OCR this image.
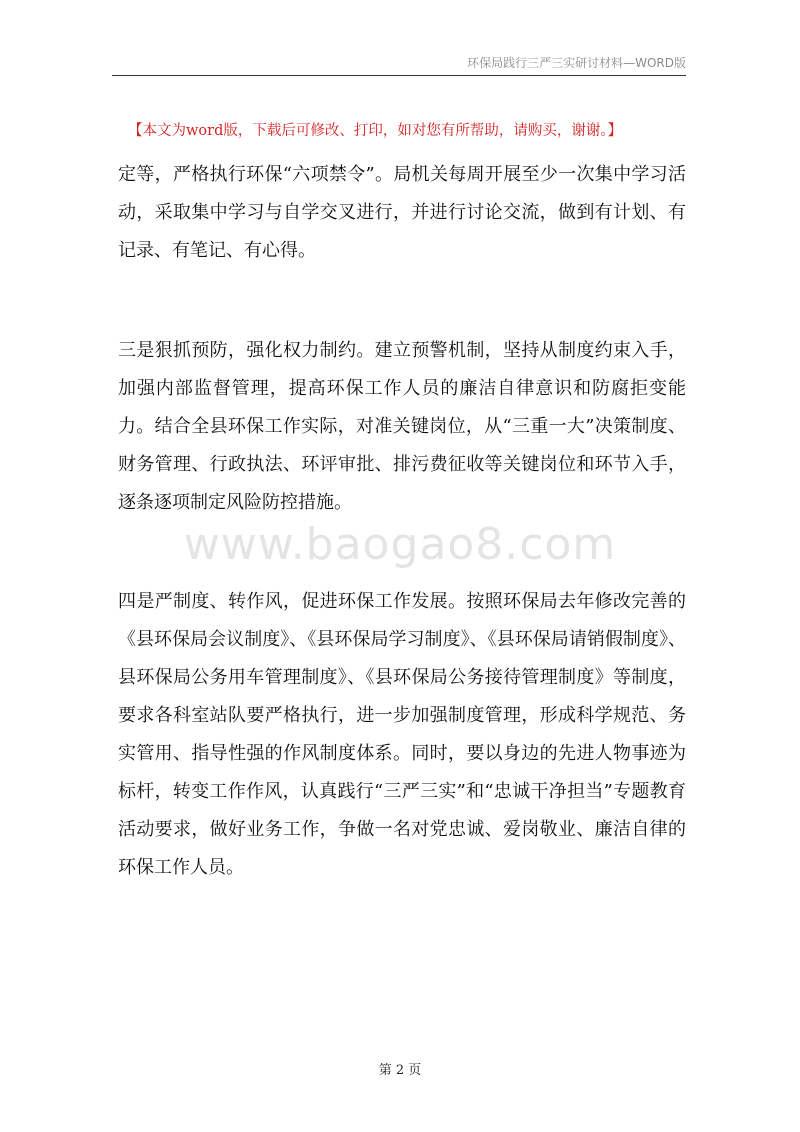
环保局践行三严三实研讨材料—WORD版
【本文为word版，下载后可修改、打印，如对您有所帮助，请购买，谢谢。】

定等，严格执行环保“六项禁令”。局机关每周开展至少一次集中学习活动，采取集中学习与自学交叉进行，并进行讨论交流，做到有计划、有记录、有笔记、有心得。

三是狠抓预防，强化权力制约。建立预警机制，坚持从制度约束入手，加强内部监督管理，提高环保工作人员的廉洁自律意识和防腐拒变能力。结合全县环保工作实际，对准关键岗位，从“三重一大”决策制度、财务管理、行政执法、环评审批、排污费征收等关键岗位和环节入手，逐条逐项制定风险防控措施。

四是严制度、转作风，促进环保工作发展。按照环保局去年修改完善的《县环保局会议制度》、《县环保局学习制度》、《县环保局请销假制度》、县环保局公务用车管理制度》、《县环保局公务接待管理制度》等制度，要求各科室站队要严格执行，进一步加强制度管理，形成科学规范、务实管用、指导性强的作风制度体系。同时，要以身边的先进人物事迹为标杆，转变工作作风，认真践行“三严三实”和“忠诚干净担当”专题教育活动要求，做好业务工作，争做一名对党忠诚、爱岗敬业、廉洁自律的环保工作人员。

www.baogao8.com
第 2 页
